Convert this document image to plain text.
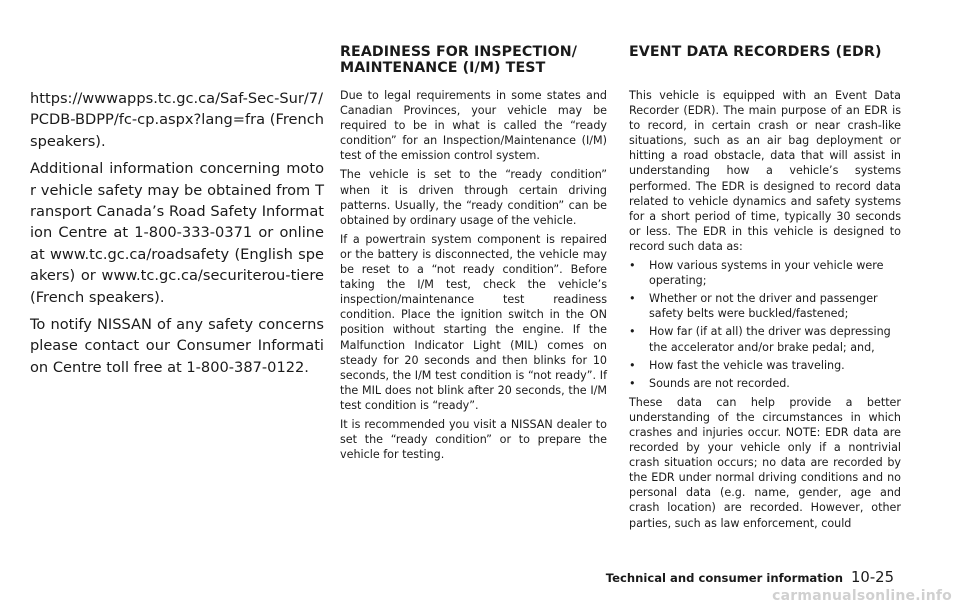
https://wwwapps.tc.gc.ca/Saf-Sec-Sur/7/PCDB-BDPP/fc-cp.aspx?lang=fra (French speakers).

Additional information concerning motor vehicle safety may be obtained from Transport Canada’s Road Safety Information Centre at 1-800-333-0371 or online at www.tc.gc.ca/roadsafety (English speakers) or www.tc.gc.ca/securiterou-tiere (French speakers).

To notify NISSAN of any safety concerns please contact our Consumer Information Centre toll free at 1-800-387-0122.

READINESS FOR INSPECTION/ MAINTENANCE (I/M) TEST

Due to legal requirements in some states and Canadian Provinces, your vehicle may be required to be in what is called the “ready condition” for an Inspection/Maintenance (I/M) test of the emission control system.

The vehicle is set to the “ready condition” when it is driven through certain driving patterns. Usually, the “ready condition” can be obtained by ordinary usage of the vehicle.

If a powertrain system component is repaired or the battery is disconnected, the vehicle may be reset to a “not ready condition”. Before taking the I/M test, check the vehicle’s inspection/maintenance test readiness condition. Place the ignition switch in the ON position without starting the engine. If the Malfunction Indicator Light (MIL) comes on steady for 20 seconds and then blinks for 10 seconds, the I/M test condition is “not ready”. If the MIL does not blink after 20 seconds, the I/M test condition is “ready”.

It is recommended you visit a NISSAN dealer to set the “ready condition” or to prepare the vehicle for testing.

EVENT DATA RECORDERS (EDR)

This vehicle is equipped with an Event Data Recorder (EDR). The main purpose of an EDR is to record, in certain crash or near crash-like situations, such as an air bag deployment or hitting a road obstacle, data that will assist in understanding how a vehicle’s systems performed. The EDR is designed to record data related to vehicle dynamics and safety systems for a short period of time, typically 30 seconds or less. The EDR in this vehicle is designed to record such data as:

• How various systems in your vehicle were operating;
• Whether or not the driver and passenger safety belts were buckled/fastened;
• How far (if at all) the driver was depressing the accelerator and/or brake pedal; and,
• How fast the vehicle was traveling.
• Sounds are not recorded.

These data can help provide a better understanding of the circumstances in which crashes and injuries occur. NOTE: EDR data are recorded by your vehicle only if a nontrivial crash situation occurs; no data are recorded by the EDR under normal driving conditions and no personal data (e.g. name, gender, age and crash location) are recorded. However, other parties, such as law enforcement, could

Technical and consumer information 10-25
carmanualsonline.info
